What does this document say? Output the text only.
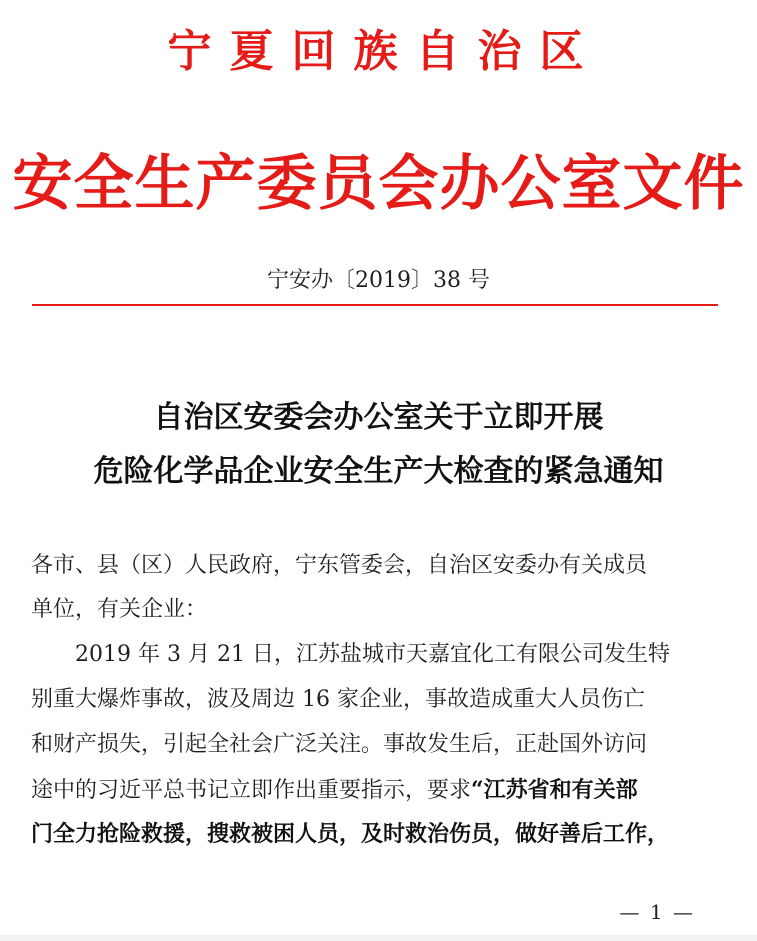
宁夏回族自治区
安全生产委员会办公室文件
宁安办〔2019〕38 号
自治区安委会办公室关于立即开展
危险化学品企业安全生产大检查的紧急通知
各市、县（区）人民政府，宁东管委会，自治区安委办有关成员
单位，有关企业：
　　2019 年 3 月 21 日，江苏盐城市天嘉宜化工有限公司发生特
别重大爆炸事故，波及周边 16 家企业，事故造成重大人员伤亡
和财产损失，引起全社会广泛关注。事故发生后，正赴国外访问
途中的习近平总书记立即作出重要指示，要求“江苏省和有关部
门全力抢险救援，搜救被困人员，及时救治伤员，做好善后工作，
— 1 —
